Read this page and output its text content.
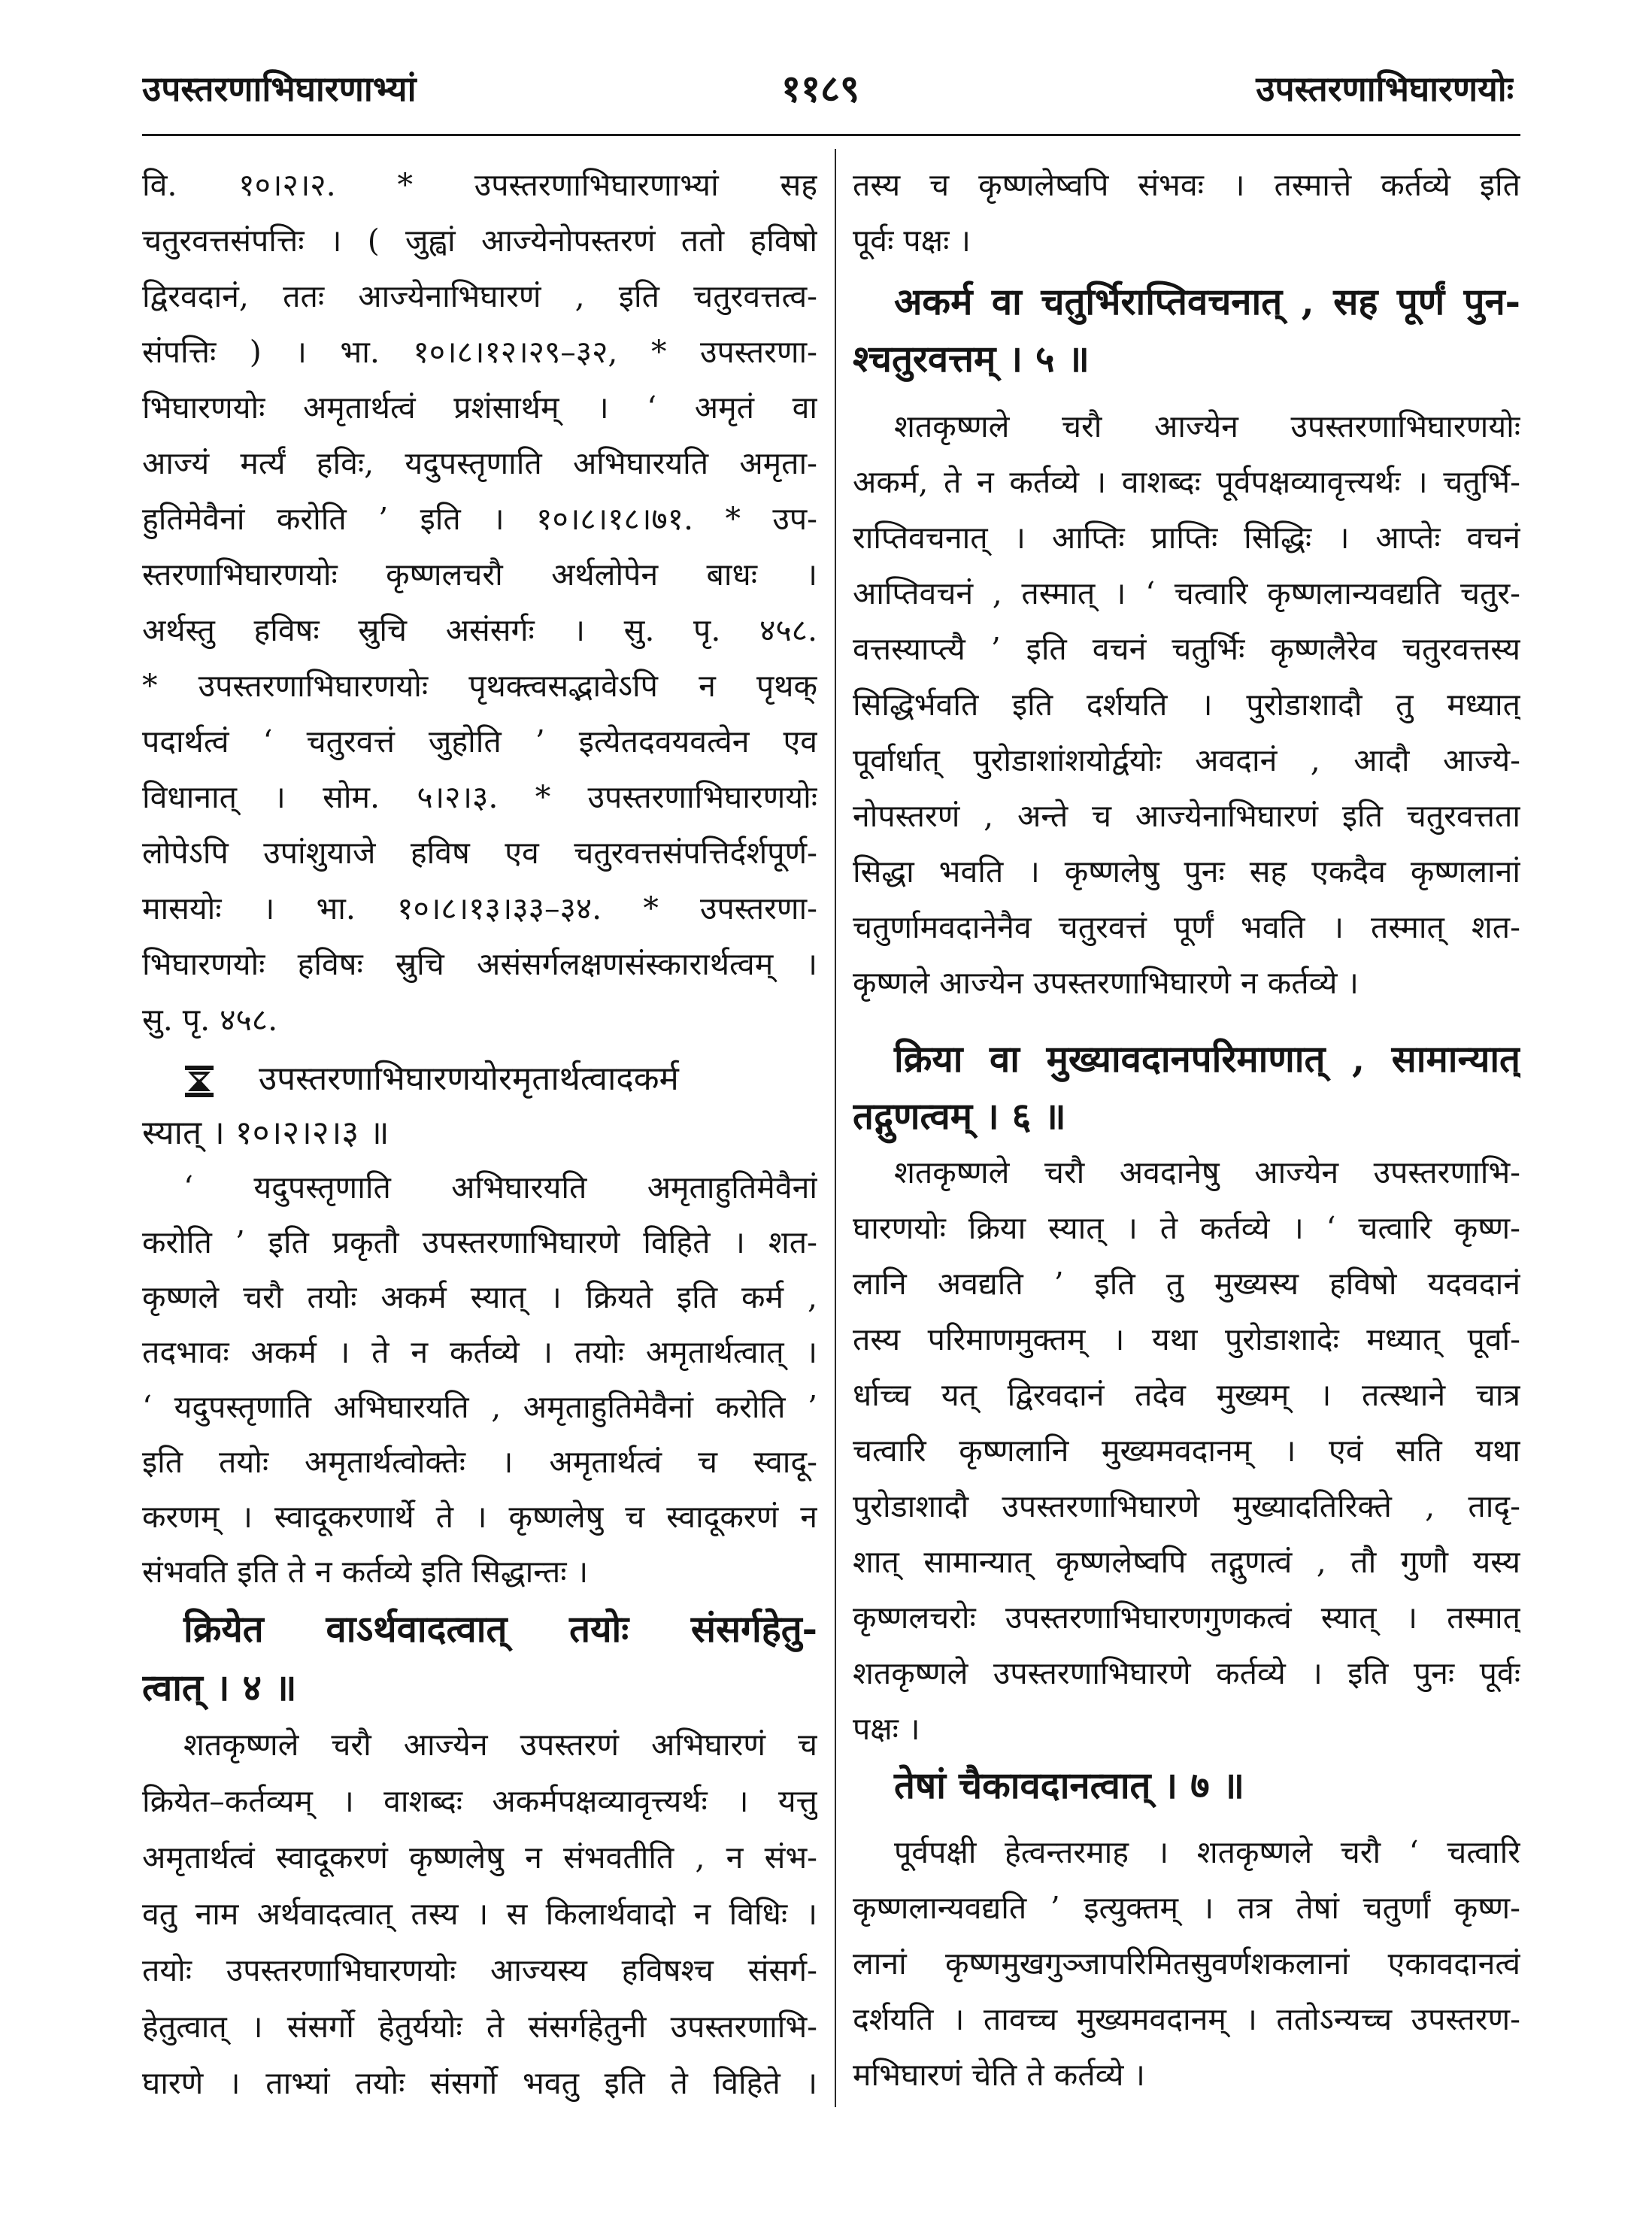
उपस्तरणाभिघारणाभ्यां	११८९	उपस्तरणाभिघारणयोः
वि. १०।२।२. * उपस्तरणाभिघारणाभ्यां सह
चतुरवत्तसंपत्तिः । ( जुह्वां आज्येनोपस्तरणं ततो हविषो
द्विरवदानं, ततः आज्येनाभिघारणं , इति चतुरवत्तत्व-
संपत्तिः ) । भा. १०।८।१२।२९–३२, * उपस्तरणा-
भिघारणयोः अमृतार्थत्वं प्रशंसार्थम् । ‘ अमृतं वा
आज्यं मर्त्यं हविः, यदुपस्तृणाति अभिघारयति अमृता-
हुतिमेवैनां करोति ’ इति । १०।८।१८।७१. * उप-
स्तरणाभिघारणयोः कृष्णलचरौ अर्थलोपेन बाधः ।
अर्थस्तु हविषः स्रुचि असंसर्गः । सु. पृ. ४५८.
* उपस्तरणाभिघारणयोः पृथक्त्वसद्भावेऽपि न पृथक्
पदार्थत्वं ‘ चतुरवत्तं जुहोति ’ इत्येतदवयवत्वेन एव
विधानात् । सोम. ५।२।३. * उपस्तरणाभिघारणयोः
लोपेऽपि उपांशुयाजे हविष एव चतुरवत्तसंपत्तिर्दर्शपूर्ण-
मासयोः । भा. १०।८।१३।३३–३४. * उपस्तरणा-
भिघारणयोः हविषः स्रुचि असंसर्गलक्षणसंस्कारार्थत्वम् ।
सु. पृ. ४५८.
उपस्तरणाभिघारणयोरमृतार्थत्वादकर्म
स्यात् । १०।२।२।३ ॥
‘ यदुपस्तृणाति अभिघारयति अमृताहुतिमेवैनां
करोति ’ इति प्रकृतौ उपस्तरणाभिघारणे विहिते । शत-
कृष्णले चरौ तयोः अकर्म स्यात् । क्रियते इति कर्म ,
तदभावः अकर्म । ते न कर्तव्ये । तयोः अमृतार्थत्वात् ।
‘ यदुपस्तृणाति अभिघारयति , अमृताहुतिमेवैनां करोति ’
इति तयोः अमृतार्थत्वोक्तेः । अमृतार्थत्वं च स्वादू-
करणम् । स्वादूकरणार्थे ते । कृष्णलेषु च स्वादूकरणं न
संभवति इति ते न कर्तव्ये इति सिद्धान्तः ।
क्रियेत वाऽर्थवादत्वात् तयोः संसर्गहेतु-
त्वात् । ४ ॥
शतकृष्णले चरौ आज्येन उपस्तरणं अभिघारणं च
क्रियेत–कर्तव्यम् । वाशब्दः अकर्मपक्षव्यावृत्त्यर्थः । यत्तु
अमृतार्थत्वं स्वादूकरणं कृष्णलेषु न संभवतीति , न संभ-
वतु नाम अर्थवादत्वात् तस्य । स किलार्थवादो न विधिः ।
तयोः उपस्तरणाभिघारणयोः आज्यस्य हविषश्च संसर्ग-
हेतुत्वात् । संसर्गो हेतुर्ययोः ते संसर्गहेतुनी उपस्तरणाभि-
घारणे । ताभ्यां तयोः संसर्गो भवतु इति ते विहिते ।
तस्य च कृष्णलेष्वपि संभवः । तस्मात्ते कर्तव्ये इति
पूर्वः पक्षः ।
अकर्म वा चतुर्भिराप्तिवचनात् , सह पूर्णं पुन-
श्चतुरवत्तम् । ५ ॥
शतकृष्णले चरौ आज्येन उपस्तरणाभिघारणयोः
अकर्म, ते न कर्तव्ये । वाशब्दः पूर्वपक्षव्यावृत्त्यर्थः । चतुर्भि-
राप्तिवचनात् । आप्तिः प्राप्तिः सिद्धिः । आप्तेः वचनं
आप्तिवचनं , तस्मात् । ‘ चत्वारि कृष्णलान्यवद्यति चतुर-
वत्तस्याप्त्यै ’ इति वचनं चतुर्भिः कृष्णलैरेव चतुरवत्तस्य
सिद्धिर्भवति इति दर्शयति । पुरोडाशादौ तु मध्यात्
पूर्वार्धात् पुरोडाशांशयोर्द्वयोः अवदानं , आदौ आज्ये-
नोपस्तरणं , अन्ते च आज्येनाभिघारणं इति चतुरवत्तता
सिद्धा भवति । कृष्णलेषु पुनः सह एकदैव कृष्णलानां
चतुर्णामवदानेनैव चतुरवत्तं पूर्णं भवति । तस्मात् शत-
कृष्णले आज्येन उपस्तरणाभिघारणे न कर्तव्ये ।
क्रिया वा मुख्यावदानपरिमाणात् , सामान्यात्
तद्गुणत्वम् । ६ ॥
शतकृष्णले चरौ अवदानेषु आज्येन उपस्तरणाभि-
घारणयोः क्रिया स्यात् । ते कर्तव्ये । ‘ चत्वारि कृष्ण-
लानि अवद्यति ’ इति तु मुख्यस्य हविषो यदवदानं
तस्य परिमाणमुक्तम् । यथा पुरोडाशादेः मध्यात् पूर्वा-
र्धाच्च यत् द्विरवदानं तदेव मुख्यम् । तत्स्थाने चात्र
चत्वारि कृष्णलानि मुख्यमवदानम् । एवं सति यथा
पुरोडाशादौ उपस्तरणाभिघारणे मुख्यादतिरिक्ते , तादृ-
शात् सामान्यात् कृष्णलेष्वपि तद्गुणत्वं , तौ गुणौ यस्य
कृष्णलचरोः उपस्तरणाभिघारणगुणकत्वं स्यात् । तस्मात्
शतकृष्णले उपस्तरणाभिघारणे कर्तव्ये । इति पुनः पूर्वः
पक्षः ।
तेषां चैकावदानत्वात् । ७ ॥
पूर्वपक्षी हेत्वन्तरमाह । शतकृष्णले चरौ ‘ चत्वारि
कृष्णलान्यवद्यति ’ इत्युक्तम् । तत्र तेषां चतुर्णां कृष्ण-
लानां कृष्णमुखगुञ्जापरिमितसुवर्णशकलानां एकावदानत्वं
दर्शयति । तावच्च मुख्यमवदानम् । ततोऽन्यच्च उपस्तरण-
मभिघारणं चेति ते कर्तव्ये ।
